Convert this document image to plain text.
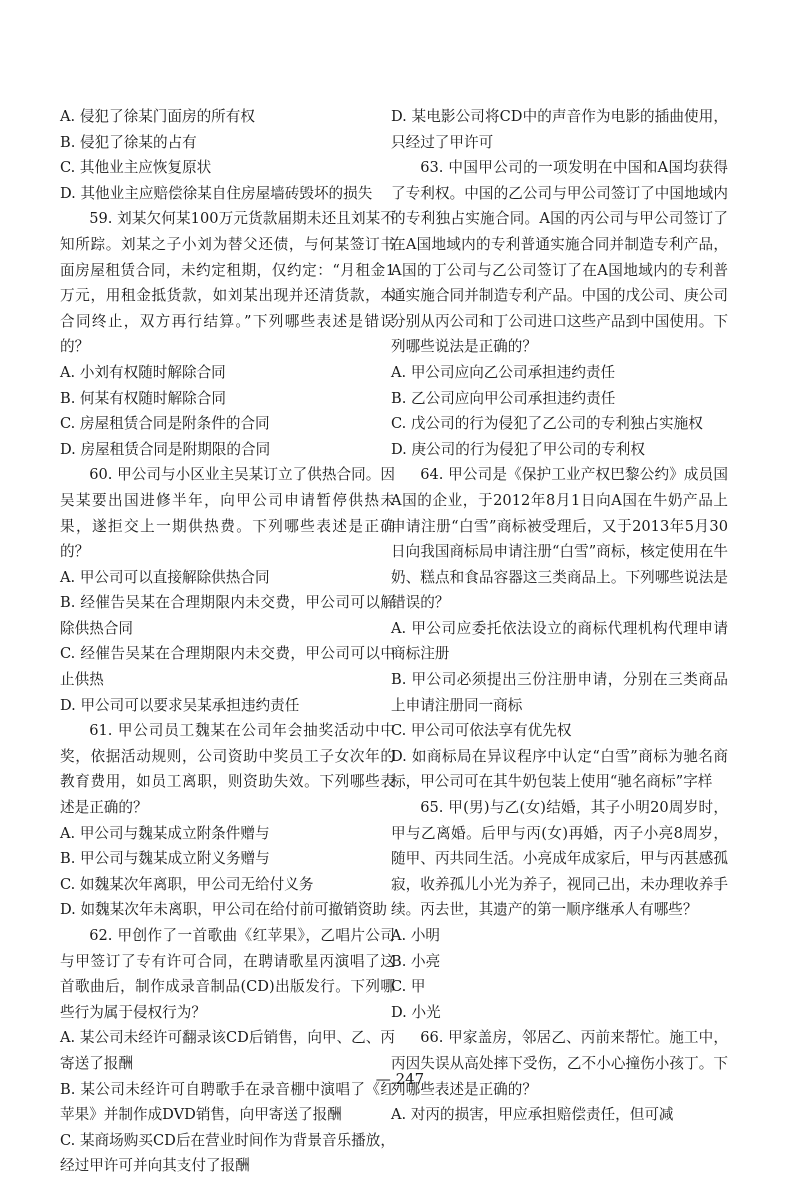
A. 侵犯了徐某门面房的所有权

B. 侵犯了徐某的占有

C. 其他业主应恢复原状

D. 其他业主应赔偿徐某自住房屋墙砖毁坏的损失

59. 刘某欠何某100万元货款届期未还且刘某不知所踪。刘某之子小刘为替父还债，与何某签订书面房屋租赁合同，未约定租期，仅约定：“月租金1万元，用租金抵货款，如刘某出现并还清货款，本合同终止，双方再行结算。”下列哪些表述是错误的？

A. 小刘有权随时解除合同

B. 何某有权随时解除合同

C. 房屋租赁合同是附条件的合同

D. 房屋租赁合同是附期限的合同

60. 甲公司与小区业主吴某订立了供热合同。因吴某要出国进修半年，向甲公司申请暂停供热未果，遂拒交上一期供热费。下列哪些表述是正确的？

A. 甲公司可以直接解除供热合同

B. 经催告吴某在合理期限内未交费，甲公司可以解除供热合同

C. 经催告吴某在合理期限内未交费，甲公司可以中止供热

D. 甲公司可以要求吴某承担违约责任

61. 甲公司员工魏某在公司年会抽奖活动中中奖，依据活动规则，公司资助中奖员工子女次年的教育费用，如员工离职，则资助失效。下列哪些表述是正确的？

A. 甲公司与魏某成立附条件赠与

B. 甲公司与魏某成立附义务赠与

C. 如魏某次年离职，甲公司无给付义务

D. 如魏某次年未离职，甲公司在给付前可撤销资助

62. 甲创作了一首歌曲《红苹果》，乙唱片公司与甲签订了专有许可合同，在聘请歌星丙演唱了这首歌曲后，制作成录音制品(CD)出版发行。下列哪些行为属于侵权行为？

A. 某公司未经许可翻录该CD后销售，向甲、乙、丙寄送了报酬

B. 某公司未经许可自聘歌手在录音棚中演唱了《红苹果》并制作成DVD销售，向甲寄送了报酬

C. 某商场购买CD后在营业时间作为背景音乐播放，经过甲许可并向其支付了报酬

D. 某电影公司将CD中的声音作为电影的插曲使用，只经过了甲许可

63. 中国甲公司的一项发明在中国和A国均获得了专利权。中国的乙公司与甲公司签订了中国地域内的专利独占实施合同。A国的丙公司与甲公司签订了在A国地域内的专利普通实施合同并制造专利产品，A国的丁公司与乙公司签订了在A国地域内的专利普通实施合同并制造专利产品。中国的戊公司、庚公司分别从丙公司和丁公司进口这些产品到中国使用。下列哪些说法是正确的？

A. 甲公司应向乙公司承担违约责任

B. 乙公司应向甲公司承担违约责任

C. 戊公司的行为侵犯了乙公司的专利独占实施权

D. 庚公司的行为侵犯了甲公司的专利权

64. 甲公司是《保护工业产权巴黎公约》成员国A国的企业，于2012年8月1日向A国在牛奶产品上申请注册“白雪”商标被受理后，又于2013年5月30日向我国商标局申请注册“白雪”商标，核定使用在牛奶、糕点和食品容器这三类商品上。下列哪些说法是错误的？

A. 甲公司应委托依法设立的商标代理机构代理申请商标注册

B. 甲公司必须提出三份注册申请，分别在三类商品上申请注册同一商标

C. 甲公司可依法享有优先权

D. 如商标局在异议程序中认定“白雪”商标为驰名商标，甲公司可在其牛奶包装上使用“驰名商标”字样

65. 甲(男)与乙(女)结婚，其子小明20周岁时，甲与乙离婚。后甲与丙(女)再婚，丙子小亮8周岁，随甲、丙共同生活。小亮成年成家后，甲与丙甚感孤寂，收养孤儿小光为养子，视同己出，未办理收养手续。丙去世，其遗产的第一顺序继承人有哪些？

A. 小明

B. 小亮

C. 甲

D. 小光

66. 甲家盖房，邻居乙、丙前来帮忙。施工中，丙因失误从高处摔下受伤，乙不小心撞伤小孩丁。下列哪些表述是正确的？

A. 对丙的损害，甲应承担赔偿责任，但可减

— 247
